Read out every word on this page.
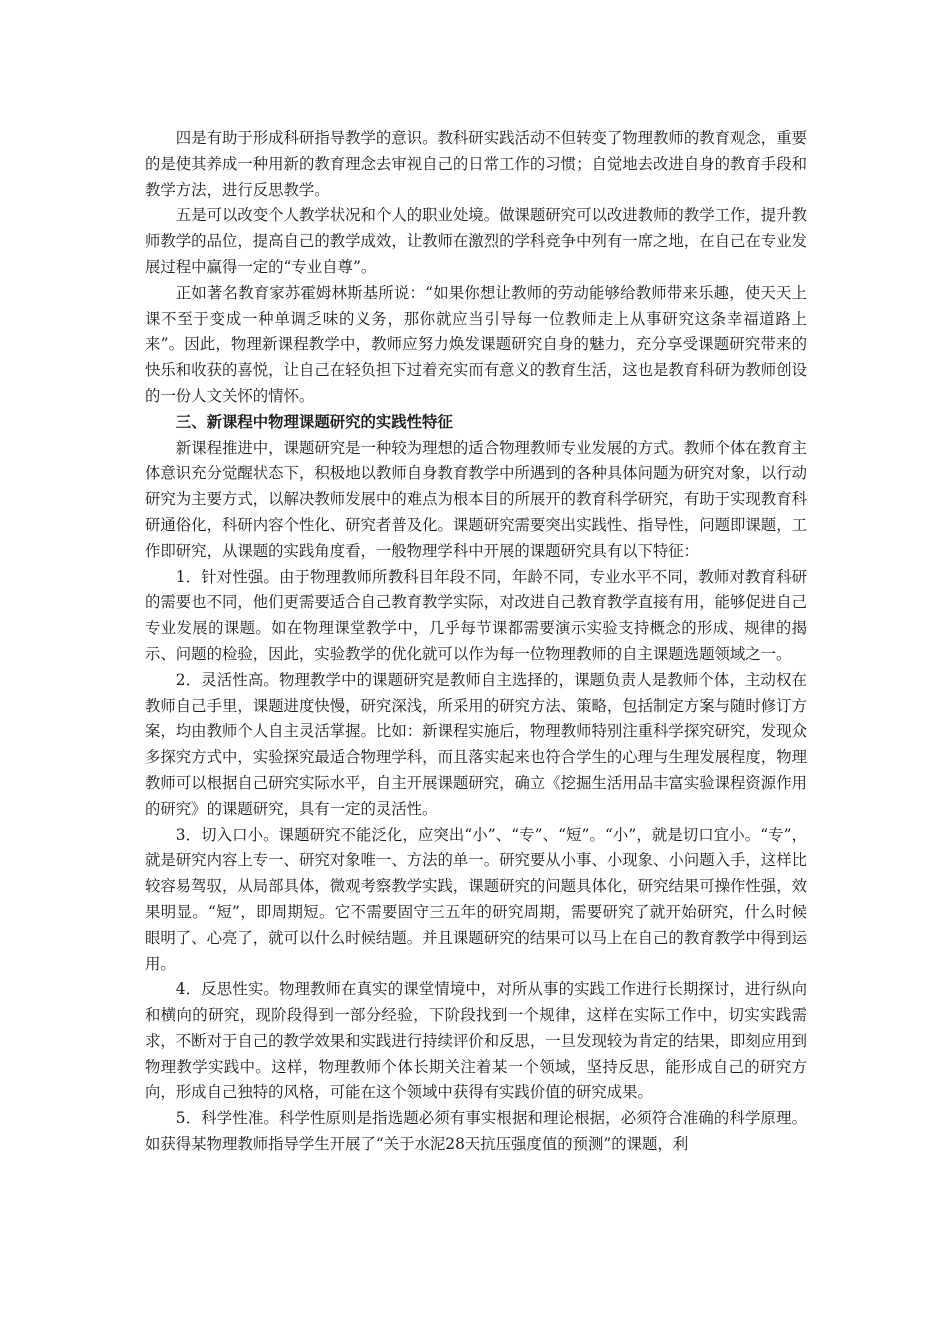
四是有助于形成科研指导教学的意识。教科研实践活动不但转变了物理教师的教育观念，重要的是使其养成一种用新的教育理念去审视自己的日常工作的习惯；自觉地去改进自身的教育手段和教学方法，进行反思教学。

五是可以改变个人教学状况和个人的职业处境。做课题研究可以改进教师的教学工作，提升教师教学的品位，提高自己的教学成效，让教师在激烈的学科竞争中列有一席之地，在自己在专业发展过程中赢得一定的“专业自尊”。

正如著名教育家苏霍姆林斯基所说：“如果你想让教师的劳动能够给教师带来乐趣，使天天上课不至于变成一种单调乏味的义务，那你就应当引导每一位教师走上从事研究这条幸福道路上来”。因此，物理新课程教学中，教师应努力焕发课题研究自身的魅力，充分享受课题研究带来的快乐和收获的喜悦，让自己在轻负担下过着充实而有意义的教育生活，这也是教育科研为教师创设的一份人文关怀的情怀。

三、新课程中物理课题研究的实践性特征

新课程推进中，课题研究是一种较为理想的适合物理教师专业发展的方式。教师个体在教育主体意识充分觉醒状态下，积极地以教师自身教育教学中所遇到的各种具体问题为研究对象，以行动研究为主要方式，以解决教师发展中的难点为根本目的所展开的教育科学研究，有助于实现教育科研通俗化，科研内容个性化、研究者普及化。课题研究需要突出实践性、指导性，问题即课题，工作即研究，从课题的实践角度看，一般物理学科中开展的课题研究具有以下特征：

1．针对性强。由于物理教师所教科目年段不同，年龄不同，专业水平不同，教师对教育科研的需要也不同，他们更需要适合自己教育教学实际，对改进自己教育教学直接有用，能够促进自己专业发展的课题。如在物理课堂教学中，几乎每节课都需要演示实验支持概念的形成、规律的揭示、问题的检验，因此，实验教学的优化就可以作为每一位物理教师的自主课题选题领域之一。

2．灵活性高。物理教学中的课题研究是教师自主选择的，课题负责人是教师个体，主动权在教师自己手里，课题进度快慢，研究深浅，所采用的研究方法、策略，包括制定方案与随时修订方案，均由教师个人自主灵活掌握。比如：新课程实施后，物理教师特别注重科学探究研究，发现众多探究方式中，实验探究最适合物理学科，而且落实起来也符合学生的心理与生理发展程度，物理教师可以根据自己研究实际水平，自主开展课题研究，确立《挖掘生活用品丰富实验课程资源作用的研究》的课题研究，具有一定的灵活性。

3．切入口小。课题研究不能泛化，应突出“小”、“专”、“短”。“小”，就是切口宜小。“专”，就是研究内容上专一、研究对象唯一、方法的单一。研究要从小事、小现象、小问题入手，这样比较容易驾驭，从局部具体，微观考察教学实践，课题研究的问题具体化，研究结果可操作性强，效果明显。“短”，即周期短。它不需要固守三五年的研究周期，需要研究了就开始研究，什么时候眼明了、心亮了，就可以什么时候结题。并且课题研究的结果可以马上在自己的教育教学中得到运用。

4．反思性实。物理教师在真实的课堂情境中，对所从事的实践工作进行长期探讨，进行纵向和横向的研究，现阶段得到一部分经验，下阶段找到一个规律，这样在实际工作中，切实实践需求，不断对于自己的教学效果和实践进行持续评价和反思，一旦发现较为肯定的结果，即刻应用到物理教学实践中。这样，物理教师个体长期关注着某一个领域，坚持反思，能形成自己的研究方向，形成自己独特的风格，可能在这个领域中获得有实践价值的研究成果。

5．科学性准。科学性原则是指选题必须有事实根据和理论根据，必须符合准确的科学原理。如获得某物理教师指导学生开展了“关于水泥28天抗压强度值的预测”的课题，利
